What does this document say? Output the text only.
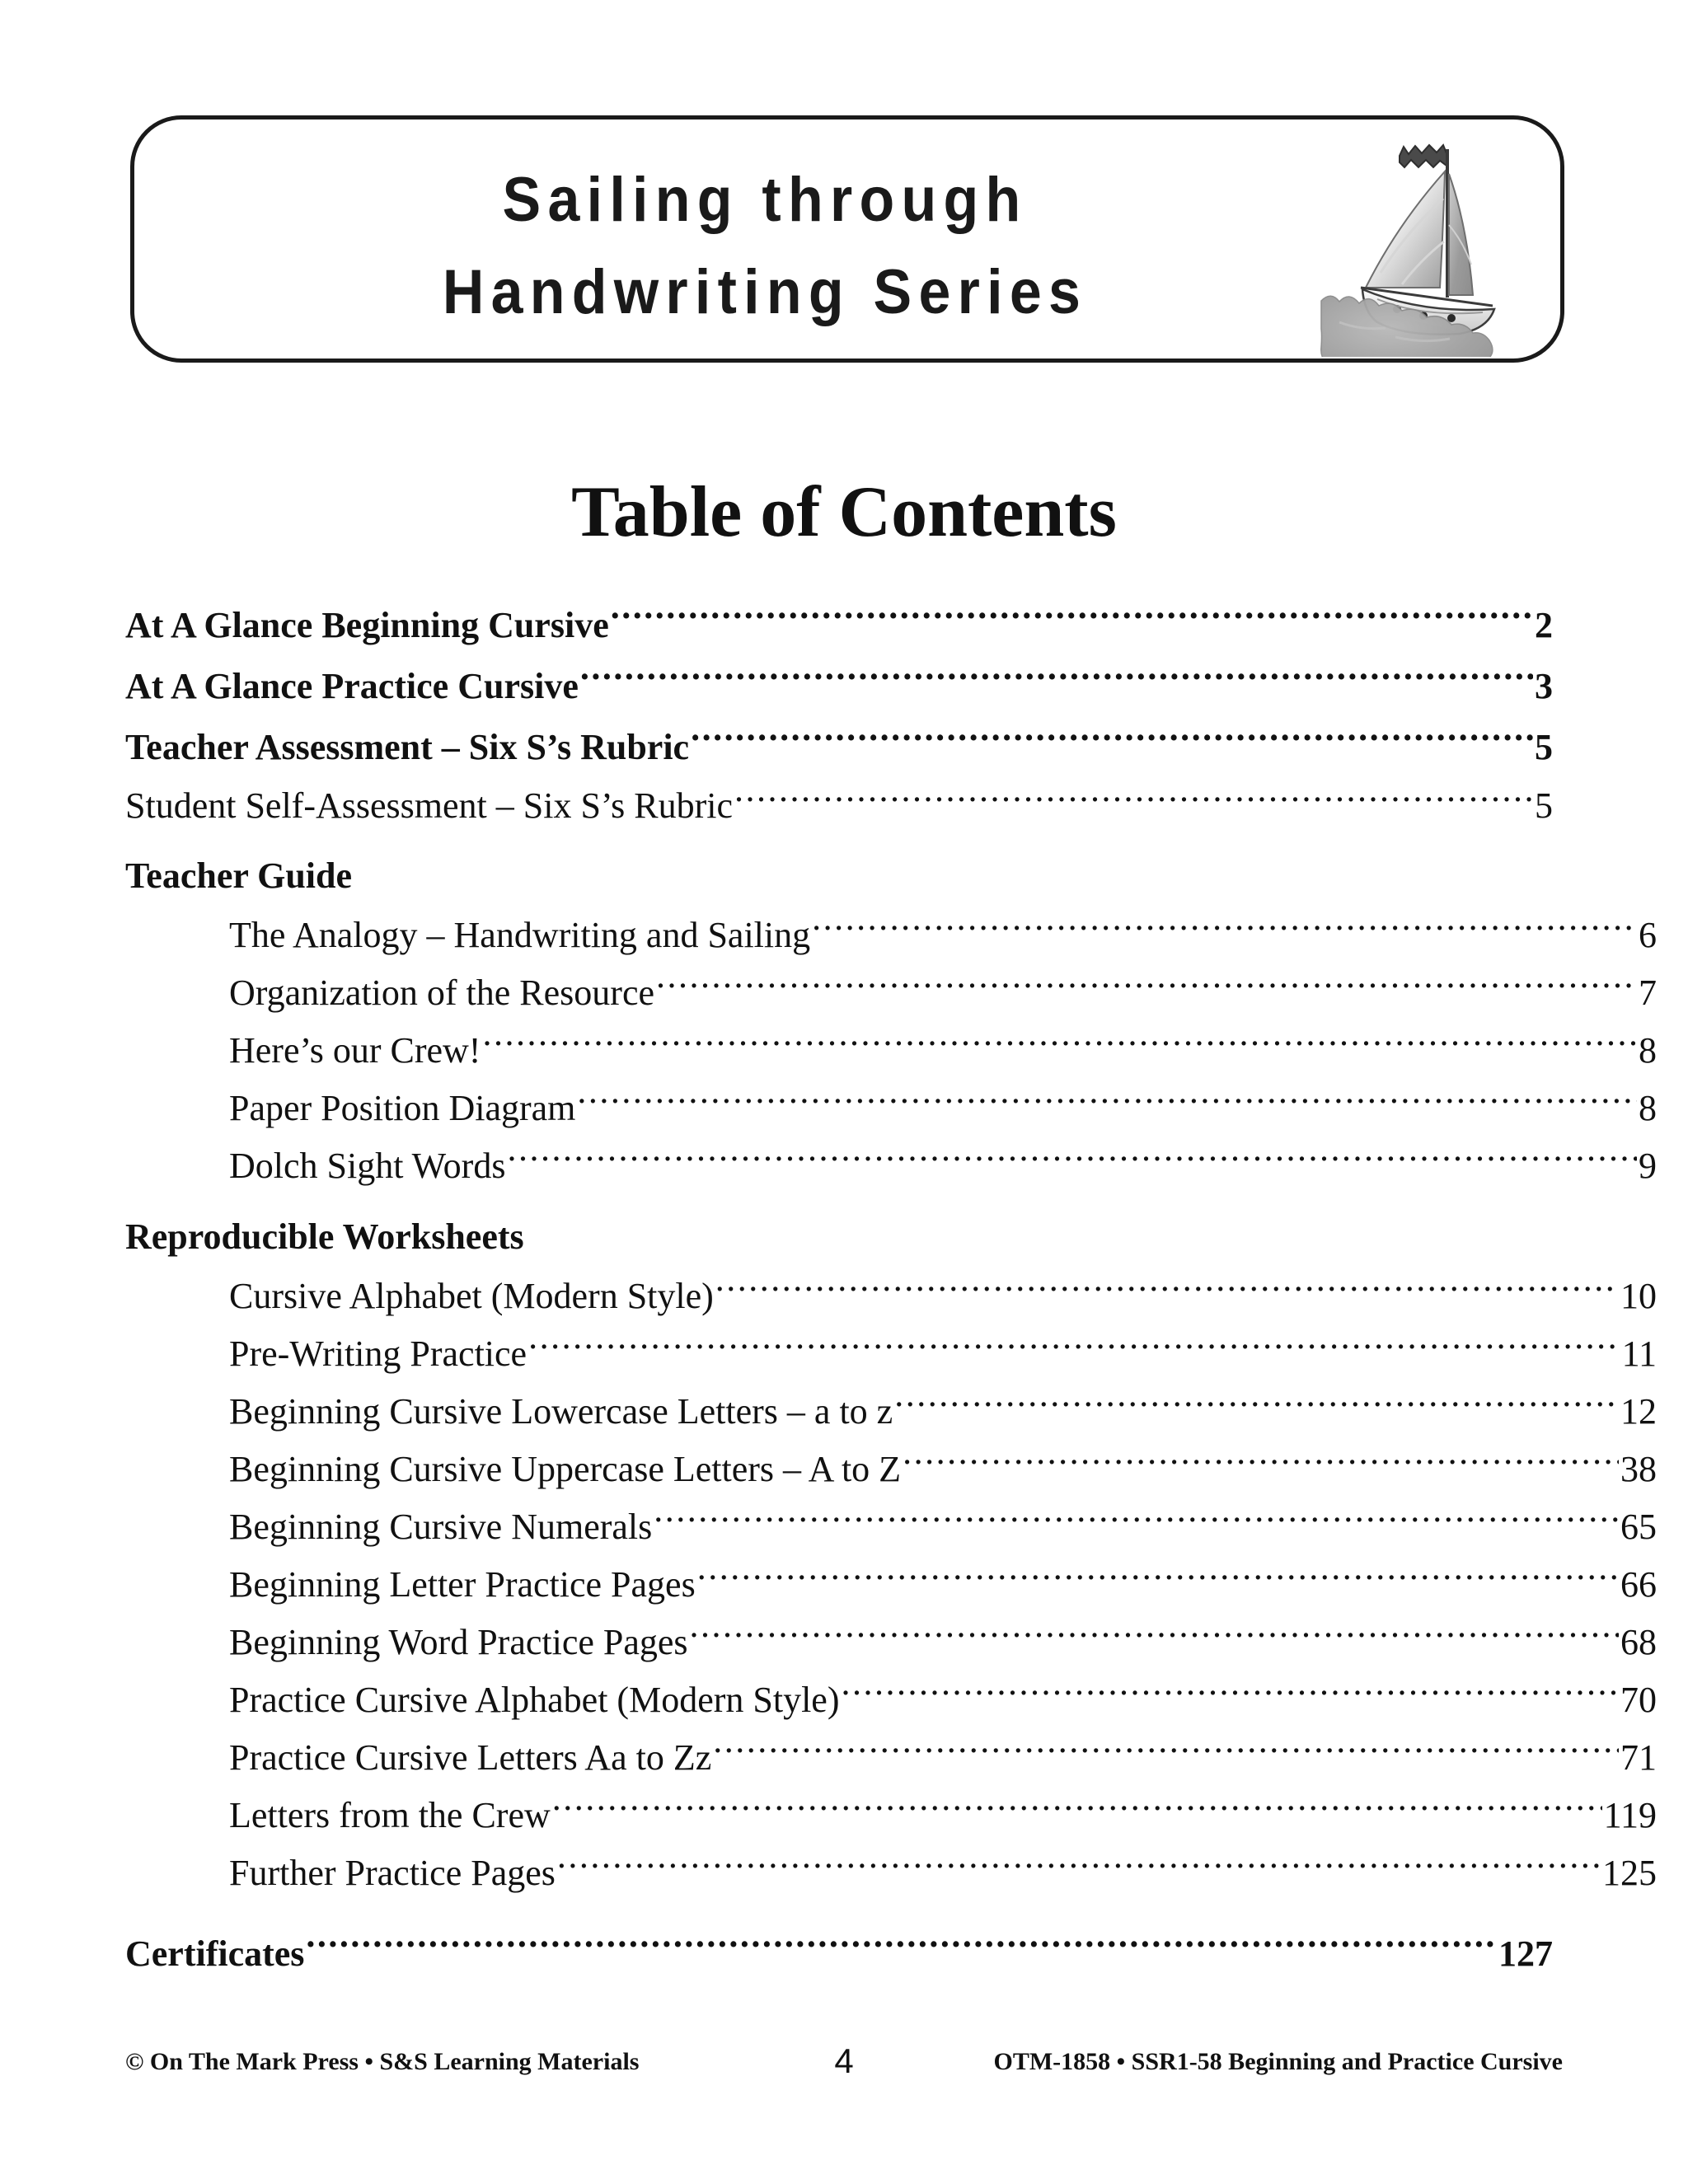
Sailing through
Handwriting Series
Table of Contents
At A Glance Beginning Cursive .....	2
At A Glance Practice Cursive .....	3
Teacher Assessment – Six S’s Rubric .....	5
Student Self-Assessment – Six S’s Rubric .....	5
Teacher Guide
The Analogy – Handwriting and Sailing .....	6
Organization of the Resource .....	7
Here’s our Crew! .....	8
Paper Position Diagram .....	8
Dolch Sight Words .....	9
Reproducible Worksheets
Cursive Alphabet (Modern Style) .....	10
Pre-Writing Practice .....	11
Beginning Cursive Lowercase Letters – a to z .....	12
Beginning Cursive Uppercase Letters – A to Z .....	38
Beginning Cursive Numerals .....	65
Beginning Letter Practice Pages .....	66
Beginning Word Practice Pages .....	68
Practice Cursive Alphabet (Modern Style) .....	70
Practice Cursive Letters Aa to Zz .....	71
Letters from the Crew .....	119
Further Practice Pages .....	125
Certificates .....	127
© On The Mark Press • S&S Learning Materials	4	OTM-1858 • SSR1-58 Beginning and Practice Cursive
